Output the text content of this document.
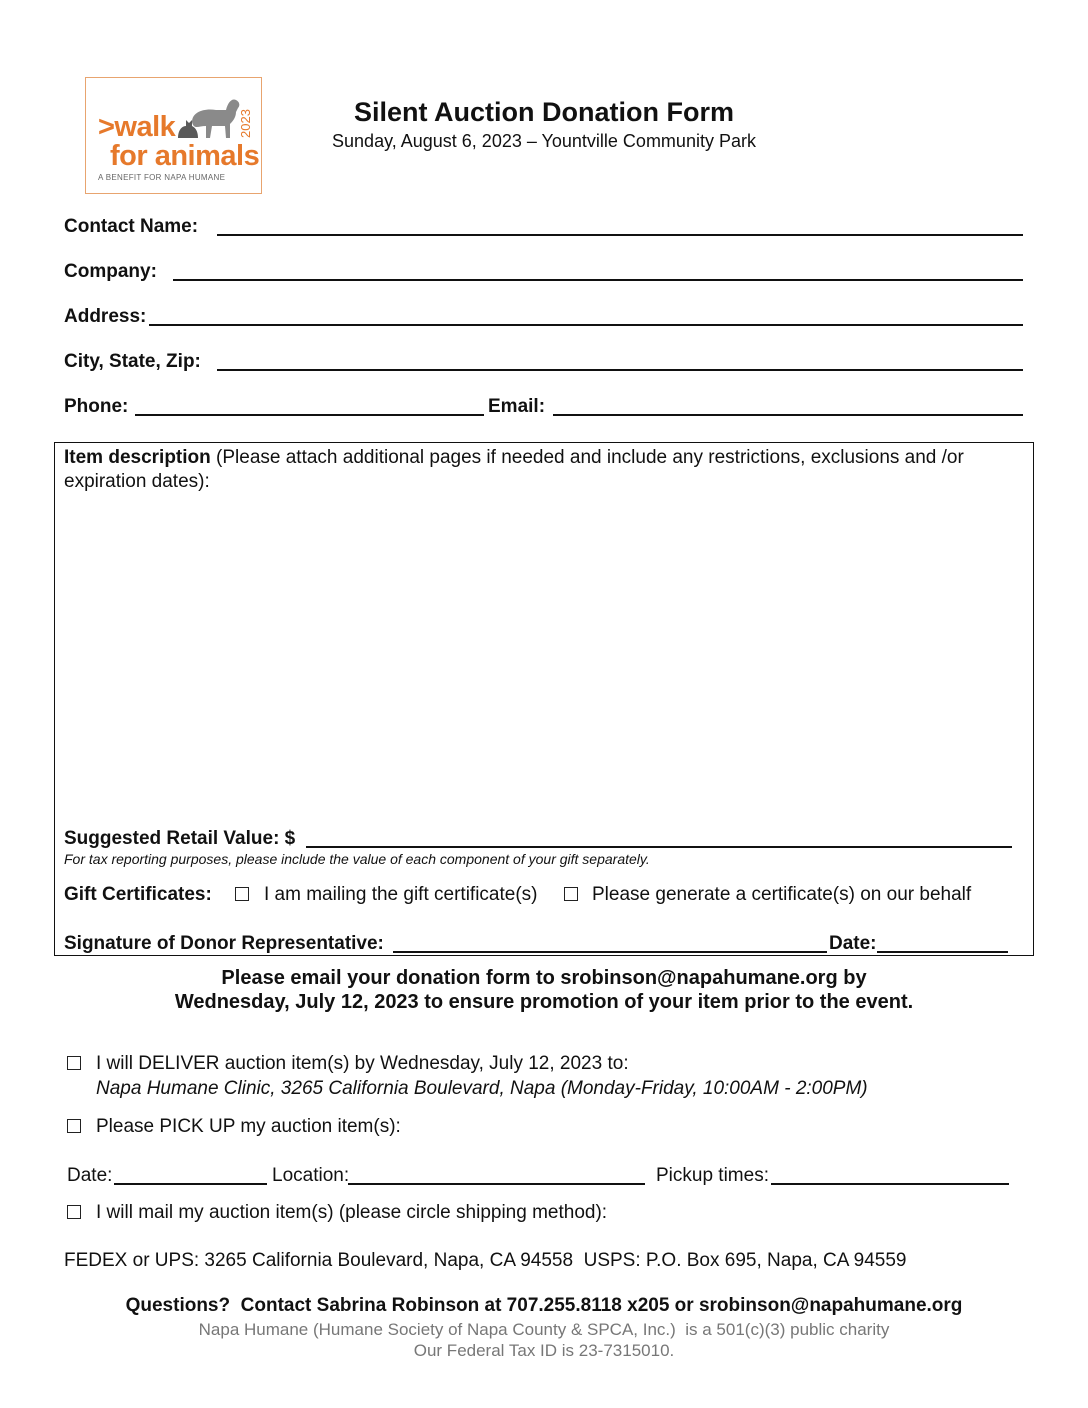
>walk
for animals
2023
A BENEFIT FOR NAPA HUMANE
Silent Auction Donation Form
Sunday, August 6, 2023 – Yountville Community Park
Contact Name:
Company:
Address:
City, State, Zip:
Phone:	Email:
Item description (Please attach additional pages if needed and include any restrictions, exclusions and /or expiration dates):
Suggested Retail Value: $
For tax reporting purposes, please include the value of each component of your gift separately.
Gift Certificates:	I am mailing the gift certificate(s)	Please generate a certificate(s) on our behalf
Signature of Donor Representative:	Date:
Please email your donation form to srobinson@napahumane.org by
Wednesday, July 12, 2023 to ensure promotion of your item prior to the event.
I will DELIVER auction item(s) by Wednesday, July 12, 2023 to:
Napa Humane Clinic, 3265 California Boulevard, Napa (Monday-Friday, 10:00AM - 2:00PM)
Please PICK UP my auction item(s):
Date:	Location:	Pickup times:
I will mail my auction item(s) (please circle shipping method):
FEDEX or UPS: 3265 California Boulevard, Napa, CA 94558  USPS: P.O. Box 695, Napa, CA 94559
Questions?  Contact Sabrina Robinson at 707.255.8118 x205 or srobinson@napahumane.org
Napa Humane (Humane Society of Napa County & SPCA, Inc.)  is a 501(c)(3) public charity
Our Federal Tax ID is 23-7315010.
